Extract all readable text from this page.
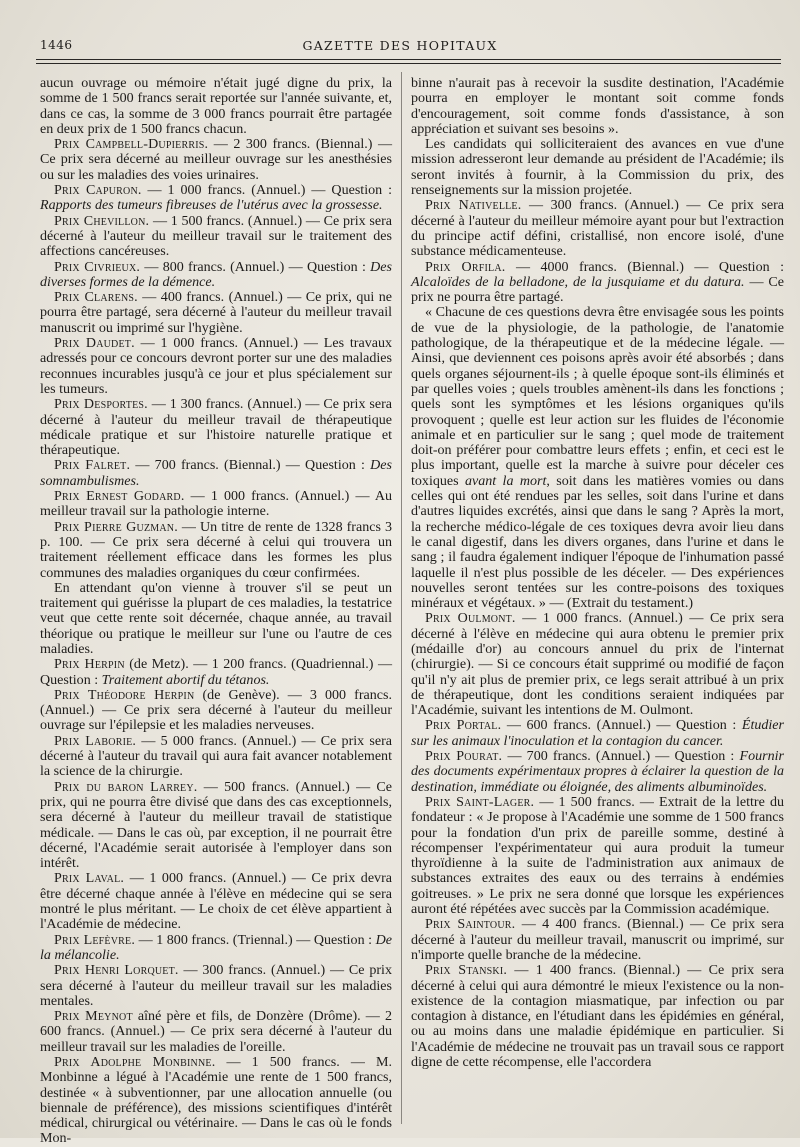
1446	GAZETTE DES HOPITAUX

aucun ouvrage ou mémoire n'était jugé digne du prix, la somme de 1 500 francs serait reportée sur l'année suivante, et, dans ce cas, la somme de 3 000 francs pourrait être partagée en deux prix de 1 500 francs chacun.

Prix Campbell-Dupierris. — 2 300 francs. (Biennal.) — Ce prix sera décerné au meilleur ouvrage sur les anesthésies ou sur les maladies des voies urinaires.

Prix Capuron. — 1 000 francs. (Annuel.) — Question : Rapports des tumeurs fibreuses de l'utérus avec la grossesse.

Prix Chevillon. — 1 500 francs. (Annuel.) — Ce prix sera décerné à l'auteur du meilleur travail sur le traitement des affections cancéreuses.

Prix Civrieux. — 800 francs. (Annuel.) — Question : Des diverses formes de la démence.

Prix Clarens. — 400 francs. (Annuel.) — Ce prix, qui ne pourra être partagé, sera décerné à l'auteur du meilleur travail manuscrit ou imprimé sur l'hygiène.

Prix Daudet. — 1 000 francs. (Annuel.) — Les travaux adressés pour ce concours devront porter sur une des maladies reconnues incurables jusqu'à ce jour et plus spécialement sur les tumeurs.

Prix Desportes. — 1 300 francs. (Annuel.) — Ce prix sera décerné à l'auteur du meilleur travail de thérapeutique médicale pratique et sur l'histoire naturelle pratique et thérapeutique.

Prix Falret. — 700 francs. (Biennal.) — Question : Des somnambulismes.

Prix Ernest Godard. — 1 000 francs. (Annuel.) — Au meilleur travail sur la pathologie interne.

Prix Pierre Guzman. — Un titre de rente de 1328 francs 3 p. 100. — Ce prix sera décerné à celui qui trouvera un traitement réellement efficace dans les formes les plus communes des maladies organiques du cœur confirmées.

En attendant qu'on vienne à trouver s'il se peut un traitement qui guérisse la plupart de ces maladies, la testatrice veut que cette rente soit décernée, chaque année, au travail théorique ou pratique le meilleur sur l'une ou l'autre de ces maladies.

Prix Herpin (de Metz). — 1 200 francs. (Quadriennal.) — Question : Traitement abortif du tétanos.

Prix Théodore Herpin (de Genève). — 3 000 francs. (Annuel.) — Ce prix sera décerné à l'auteur du meilleur ouvrage sur l'épilepsie et les maladies nerveuses.

Prix Laborie. — 5 000 francs. (Annuel.) — Ce prix sera décerné à l'auteur du travail qui aura fait avancer notablement la science de la chirurgie.

Prix du baron Larrey. — 500 francs. (Annuel.) — Ce prix, qui ne pourra être divisé que dans des cas exceptionnels, sera décerné à l'auteur du meilleur travail de statistique médicale. — Dans le cas où, par exception, il ne pourrait être décerné, l'Académie serait autorisée à l'employer dans son intérêt.

Prix Laval. — 1 000 francs. (Annuel.) — Ce prix devra être décerné chaque année à l'élève en médecine qui se sera montré le plus méritant. — Le choix de cet élève appartient à l'Académie de médecine.

Prix Lefèvre. — 1 800 francs. (Triennal.) — Question : De la mélancolie.

Prix Henri Lorquet. — 300 francs. (Annuel.) — Ce prix sera décerné à l'auteur du meilleur travail sur les maladies mentales.

Prix Meynot aîné père et fils, de Donzère (Drôme). — 2 600 francs. (Annuel.) — Ce prix sera décerné à l'auteur du meilleur travail sur les maladies de l'oreille.

Prix Adolphe Monbinne. — 1 500 francs. — M. Monbinne a légué à l'Académie une rente de 1 500 francs, destinée « à subventionner, par une allocation annuelle (ou biennale de préférence), des missions scientifiques d'intérêt médical, chirurgical ou vétérinaire. — Dans le cas où le fonds Mon-

binne n'aurait pas à recevoir la susdite destination, l'Académie pourra en employer le montant soit comme fonds d'encouragement, soit comme fonds d'assistance, à son appréciation et suivant ses besoins ».

Les candidats qui solliciteraient des avances en vue d'une mission adresseront leur demande au président de l'Académie; ils seront invités à fournir, à la Commission du prix, des renseignements sur la mission projetée.

Prix Nativelle. — 300 francs. (Annuel.) — Ce prix sera décerné à l'auteur du meilleur mémoire ayant pour but l'extraction du principe actif défini, cristallisé, non encore isolé, d'une substance médicamenteuse.

Prix Orfila. — 4000 francs. (Biennal.) — Question : Alcaloïdes de la belladone, de la jusquiame et du datura. — Ce prix ne pourra être partagé.

« Chacune de ces questions devra être envisagée sous les points de vue de la physiologie, de la pathologie, de l'anatomie pathologique, de la thérapeutique et de la médecine légale. — Ainsi, que deviennent ces poisons après avoir été absorbés ; dans quels organes séjournent-ils ; à quelle époque sont-ils éliminés et par quelles voies ; quels troubles amènent-ils dans les fonctions ; quels sont les symptômes et les lésions organiques qu'ils provoquent ; quelle est leur action sur les fluides de l'économie animale et en particulier sur le sang ; quel mode de traitement doit-on préférer pour combattre leurs effets ; enfin, et ceci est le plus important, quelle est la marche à suivre pour déceler ces toxiques avant la mort, soit dans les matières vomies ou dans celles qui ont été rendues par les selles, soit dans l'urine et dans d'autres liquides excrétés, ainsi que dans le sang ? Après la mort, la recherche médico-légale de ces toxiques devra avoir lieu dans le canal digestif, dans les divers organes, dans l'urine et dans le sang ; il faudra également indiquer l'époque de l'inhumation passé laquelle il n'est plus possible de les déceler. — Des expériences nouvelles seront tentées sur les contre-poisons des toxiques minéraux et végétaux. » — (Extrait du testament.)

Prix Oulmont. — 1 000 francs. (Annuel.) — Ce prix sera décerné à l'élève en médecine qui aura obtenu le premier prix (médaille d'or) au concours annuel du prix de l'internat (chirurgie). — Si ce concours était supprimé ou modifié de façon qu'il n'y ait plus de premier prix, ce legs serait attribué à un prix de thérapeutique, dont les conditions seraient indiquées par l'Académie, suivant les intentions de M. Oulmont.

Prix Portal. — 600 francs. (Annuel.) — Question : Étudier sur les animaux l'inoculation et la contagion du cancer.

Prix Pourat. — 700 francs. (Annuel.) — Question : Fournir des documents expérimentaux propres à éclairer la question de la destination, immédiate ou éloignée, des aliments albuminoïdes.

Prix Saint-Lager. — 1 500 francs. — Extrait de la lettre du fondateur : « Je propose à l'Académie une somme de 1 500 francs pour la fondation d'un prix de pareille somme, destiné à récompenser l'expérimentateur qui aura produit la tumeur thyroïdienne à la suite de l'administration aux animaux de substances extraites des eaux ou des terrains à endémies goitreuses. » Le prix ne sera donné que lorsque les expériences auront été répétées avec succès par la Commission académique.

Prix Saintour. — 4 400 francs. (Biennal.) — Ce prix sera décerné à l'auteur du meilleur travail, manuscrit ou imprimé, sur n'importe quelle branche de la médecine.

Prix Stanski. — 1 400 francs. (Biennal.) — Ce prix sera décerné à celui qui aura démontré le mieux l'existence ou la non-existence de la contagion miasmatique, par infection ou par contagion à distance, en l'étudiant dans les épidémies en général, ou au moins dans une maladie épidémique en particulier. Si l'Académie de médecine ne trouvait pas un travail sous ce rapport digne de cette récompense, elle l'accordera
